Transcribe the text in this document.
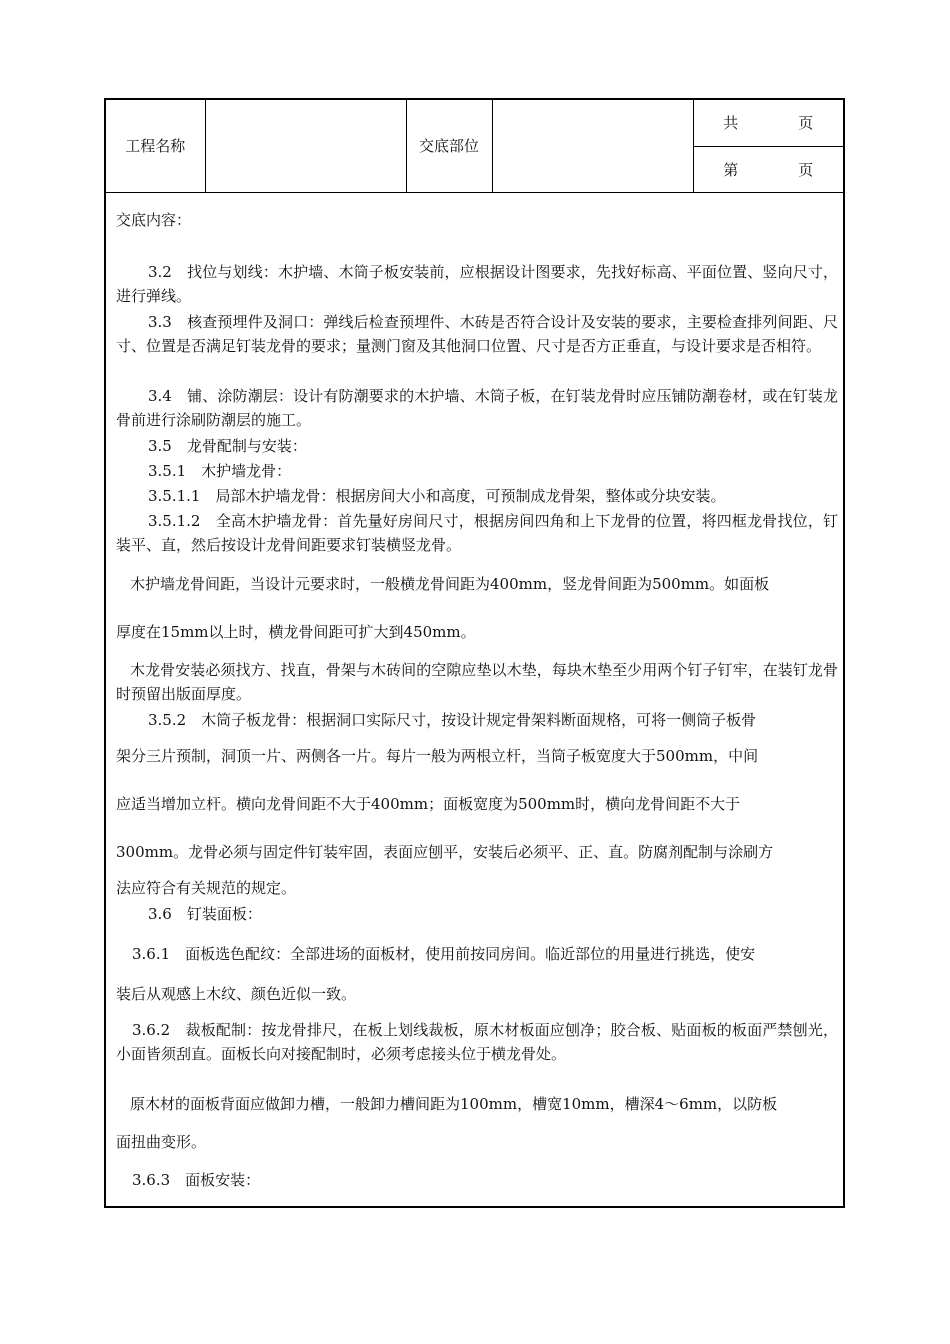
工程名称		交底部位		共	页

第	页

交底内容：

3.2　找位与划线：木护墙、木筒子板安装前，应根据设计图要求，先找好标高、平面位置、竖向尺寸，进行弹线。

3.3　核查预埋件及洞口：弹线后检查预埋件、木砖是否符合设计及安装的要求，主要检查排列间距、尺寸、位置是否满足钉装龙骨的要求；量测门窗及其他洞口位置、尺寸是否方正垂直，与设计要求是否相符。

3.4　铺、涂防潮层：设计有防潮要求的木护墙、木筒子板，在钉装龙骨时应压铺防潮卷材，或在钉装龙骨前进行涂刷防潮层的施工。

3.5　龙骨配制与安装：

3.5.1　木护墙龙骨：

3.5.1.1　局部木护墙龙骨：根据房间大小和高度，可预制成龙骨架，整体或分块安装。

3.5.1.2　全高木护墙龙骨：首先量好房间尺寸，根据房间四角和上下龙骨的位置，将四框龙骨找位，钉装平、直，然后按设计龙骨间距要求钉装横竖龙骨。

木护墙龙骨间距，当设计元要求时，一般横龙骨间距为400mm，竖龙骨间距为500mm。如面板

厚度在15mm以上时，横龙骨间距可扩大到450mm。

木龙骨安装必须找方、找直，骨架与木砖间的空隙应垫以木垫，每块木垫至少用两个钉子钉牢，在装钉龙骨时预留出版面厚度。

3.5.2　木筒子板龙骨：根据洞口实际尺寸，按设计规定骨架料断面规格，可将一侧筒子板骨

架分三片预制，洞顶一片、两侧各一片。每片一般为两根立杆，当筒子板宽度大于500mm，中间

应适当增加立杆。横向龙骨间距不大于400mm；面板宽度为500mm时，横向龙骨间距不大于

300mm。龙骨必须与固定件钉装牢固，表面应刨平，安装后必须平、正、直。防腐剂配制与涂刷方

法应符合有关规范的规定。

3.6　钉装面板：

3.6.1　面板选色配纹：全部进场的面板材，使用前按同房间。临近部位的用量进行挑选，使安

装后从观感上木纹、颜色近似一致。

3.6.2　裁板配制：按龙骨排尺，在板上划线裁板，原木材板面应刨净；胶合板、贴面板的板面严禁刨光，小面皆须刮直。面板长向对接配制时，必须考虑接头位于横龙骨处。

原木材的面板背面应做卸力槽，一般卸力槽间距为100mm，槽宽10mm，槽深4～6mm，以防板

面扭曲变形。

3.6.3　面板安装：
